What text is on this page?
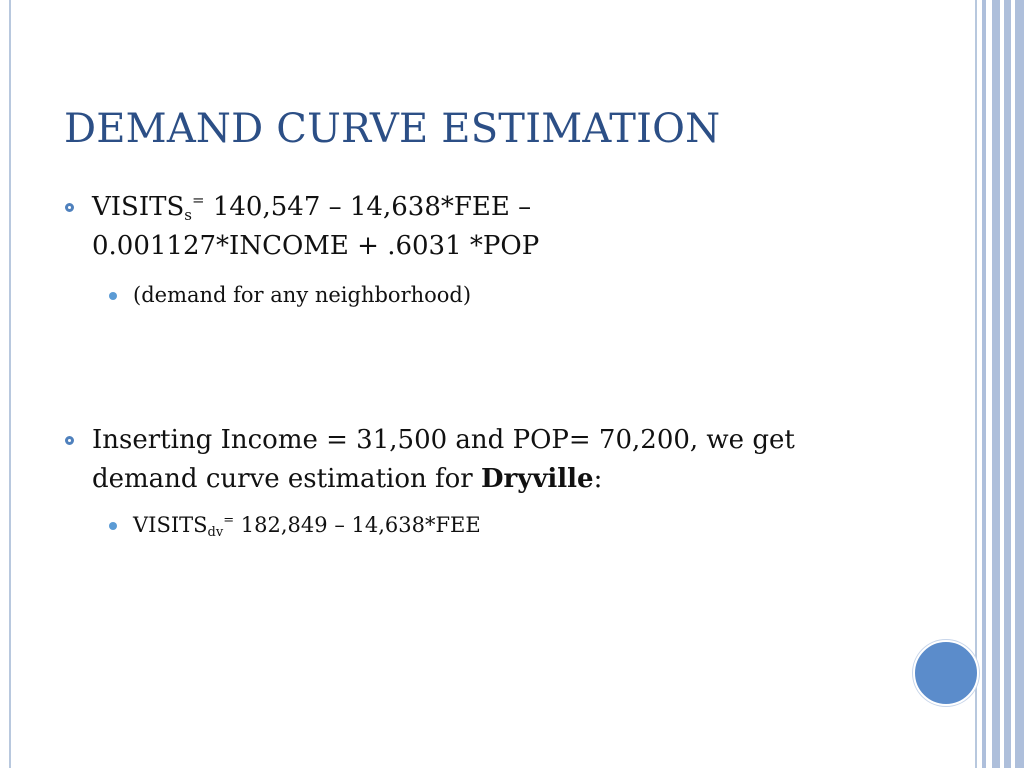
DEMAND CURVE ESTIMATION
$VISITS_s^=$ 140,547 – 14,638*FEE –
0.001127*INCOME + .6031 *POP
(demand for any neighborhood)
Inserting Income = 31,500 and POP= 70,200, we get demand curve estimation for Dryville:
$VISITS_{dv}^=$ 182,849 – 14,638*FEE
